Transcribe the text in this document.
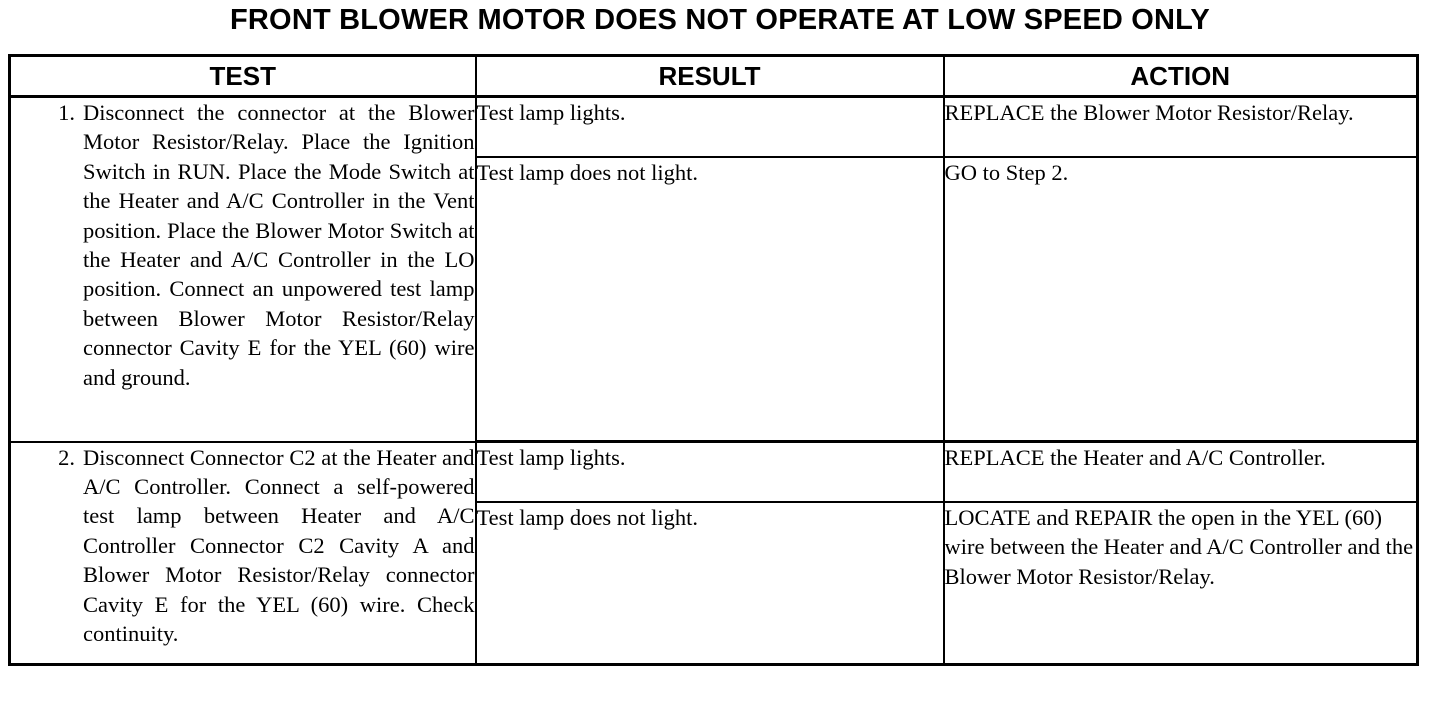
FRONT BLOWER MOTOR DOES NOT OPERATE AT LOW SPEED ONLY
TEST	RESULT	ACTION

1. Disconnect the connector at the Blower Motor Resistor/Relay. Place the Ignition Switch in RUN. Place the Mode Switch at the Heater and A/C Controller in the Vent position. Place the Blower Motor Switch at the Heater and A/C Controller in the LO position. Connect an unpowered test lamp between Blower Motor Resistor/Relay connector Cavity E for the YEL (60) wire and ground.	Test lamp lights.	REPLACE the Blower Motor Resistor/Relay.
	Test lamp does not light.	GO to Step 2.

2. Disconnect Connector C2 at the Heater and A/C Controller. Connect a self-powered test lamp between Heater and A/C Controller Connector C2 Cavity A and Blower Motor Resistor/Relay connector Cavity E for the YEL (60) wire. Check continuity.	Test lamp lights.	REPLACE the Heater and A/C Controller.
	Test lamp does not light.	LOCATE and REPAIR the open in the YEL (60) wire between the Heater and A/C Controller and the Blower Motor Resistor/Relay.
